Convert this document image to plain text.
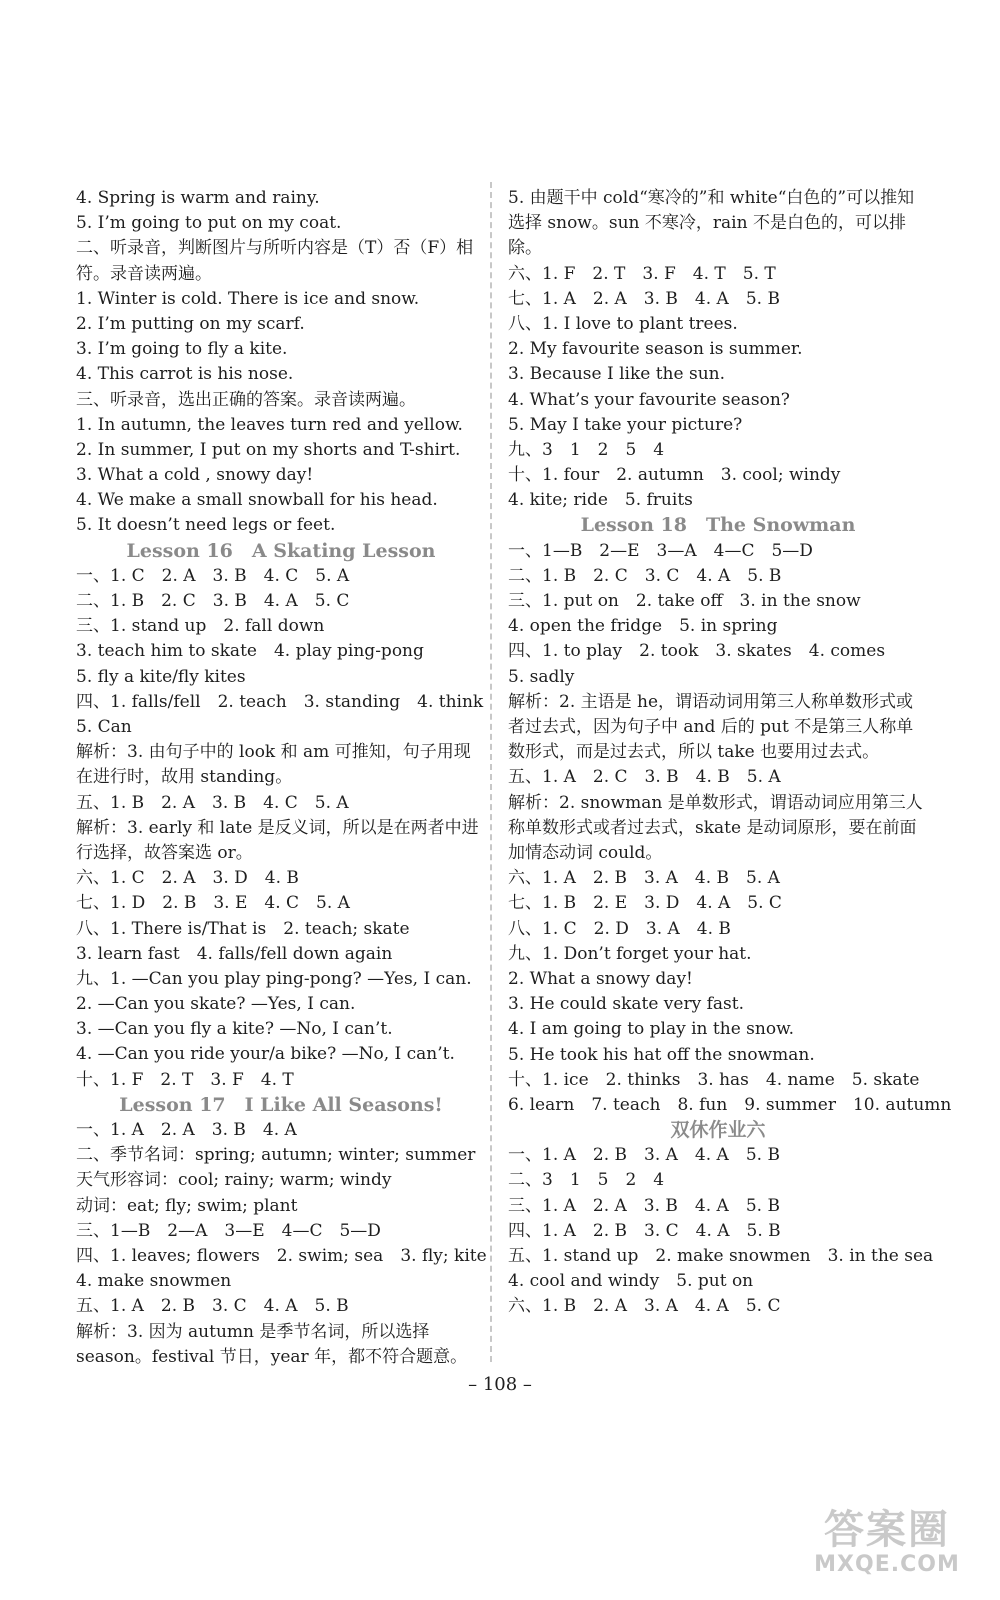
4. Spring is warm and rainy.
5. I’m going to put on my coat.
二、听录音，判断图片与所听内容是（T）否（F）相符。录音读两遍。
1. Winter is cold. There is ice and snow.
2. I’m putting on my scarf.
3. I’m going to fly a kite.
4. This carrot is his nose.
三、听录音，选出正确的答案。录音读两遍。
1. In autumn, the leaves turn red and yellow.
2. In summer, I put on my shorts and T-shirt.
3. What a cold , snowy day!
4. We make a small snowball for his head.
5. It doesn’t need legs or feet.
Lesson 16　A Skating Lesson
一、1. C　2. A　3. B　4. C　5. A
二、1. B　2. C　3. B　4. A　5. C
三、1. stand up　2. fall down
3. teach him to skate　4. play ping-pong
5. fly a kite/fly kites
四、1. falls/fell　2. teach　3. standing　4. think
5. Can
解析：3. 由句子中的 look 和 am 可推知，句子用现在进行时，故用 standing。
五、1. B　2. A　3. B　4. C　5. A
解析：3. early 和 late 是反义词，所以是在两者中进行选择，故答案选 or。
六、1. C　2. A　3. D　4. B
七、1. D　2. B　3. E　4. C　5. A
八、1. There is/That is　2. teach; skate
3. learn fast　4. falls/fell down again
九、1. —Can you play ping-pong? —Yes, I can.
2. —Can you skate? —Yes, I can.
3. —Can you fly a kite? —No, I can’t.
4. —Can you ride your/a bike? —No, I can’t.
十、1. F　2. T　3. F　4. T
Lesson 17　I Like All Seasons!
一、1. A　2. A　3. B　4. A
二、季节名词：spring; autumn; winter; summer
天气形容词：cool; rainy; warm; windy
动词：eat; fly; swim; plant
三、1—B　2—A　3—E　4—C　5—D
四、1. leaves; flowers　2. swim; sea　3. fly; kite
4. make snowmen
五、1. A　2. B　3. C　4. A　5. B
解析：3. 因为 autumn 是季节名词，所以选择 season。festival 节日，year 年，都不符合题意。
5. 由题干中 cold“寒冷的”和 white“白色的”可以推知选择 snow。sun 不寒冷，rain 不是白色的，可以排除。
六、1. F　2. T　3. F　4. T　5. T
七、1. A　2. A　3. B　4. A　5. B
八、1. I love to plant trees.
2. My favourite season is summer.
3. Because I like the sun.
4. What’s your favourite season?
5. May I take your picture?
九、3　1　2　5　4
十、1. four　2. autumn　3. cool; windy
4. kite; ride　5. fruits
Lesson 18　The Snowman
一、1—B　2—E　3—A　4—C　5—D
二、1. B　2. C　3. C　4. A　5. B
三、1. put on　2. take off　3. in the snow
4. open the fridge　5. in spring
四、1. to play　2. took　3. skates　4. comes
5. sadly
解析：2. 主语是 he，谓语动词用第三人称单数形式或者过去式，因为句子中 and 后的 put 不是第三人称单数形式，而是过去式，所以 take 也要用过去式。
五、1. A　2. C　3. B　4. B　5. A
解析：2. snowman 是单数形式，谓语动词应用第三人称单数形式或者过去式，skate 是动词原形，要在前面加情态动词 could。
六、1. A　2. B　3. A　4. B　5. A
七、1. B　2. E　3. D　4. A　5. C
八、1. C　2. D　3. A　4. B
九、1. Don’t forget your hat.
2. What a snowy day!
3. He could skate very fast.
4. I am going to play in the snow.
5. He took his hat off the snowman.
十、1. ice　2. thinks　3. has　4. name　5. skate
6. learn　7. teach　8. fun　9. summer　10. autumn
双休作业六
一、1. A　2. B　3. A　4. A　5. B
二、3　1　5　2　4
三、1. A　2. A　3. B　4. A　5. B
四、1. A　2. B　3. C　4. A　5. B
五、1. stand up　2. make snowmen　3. in the sea
4. cool and windy　5. put on
六、1. B　2. A　3. A　4. A　5. C
– 108 –
答案圈
MXQE.COM
